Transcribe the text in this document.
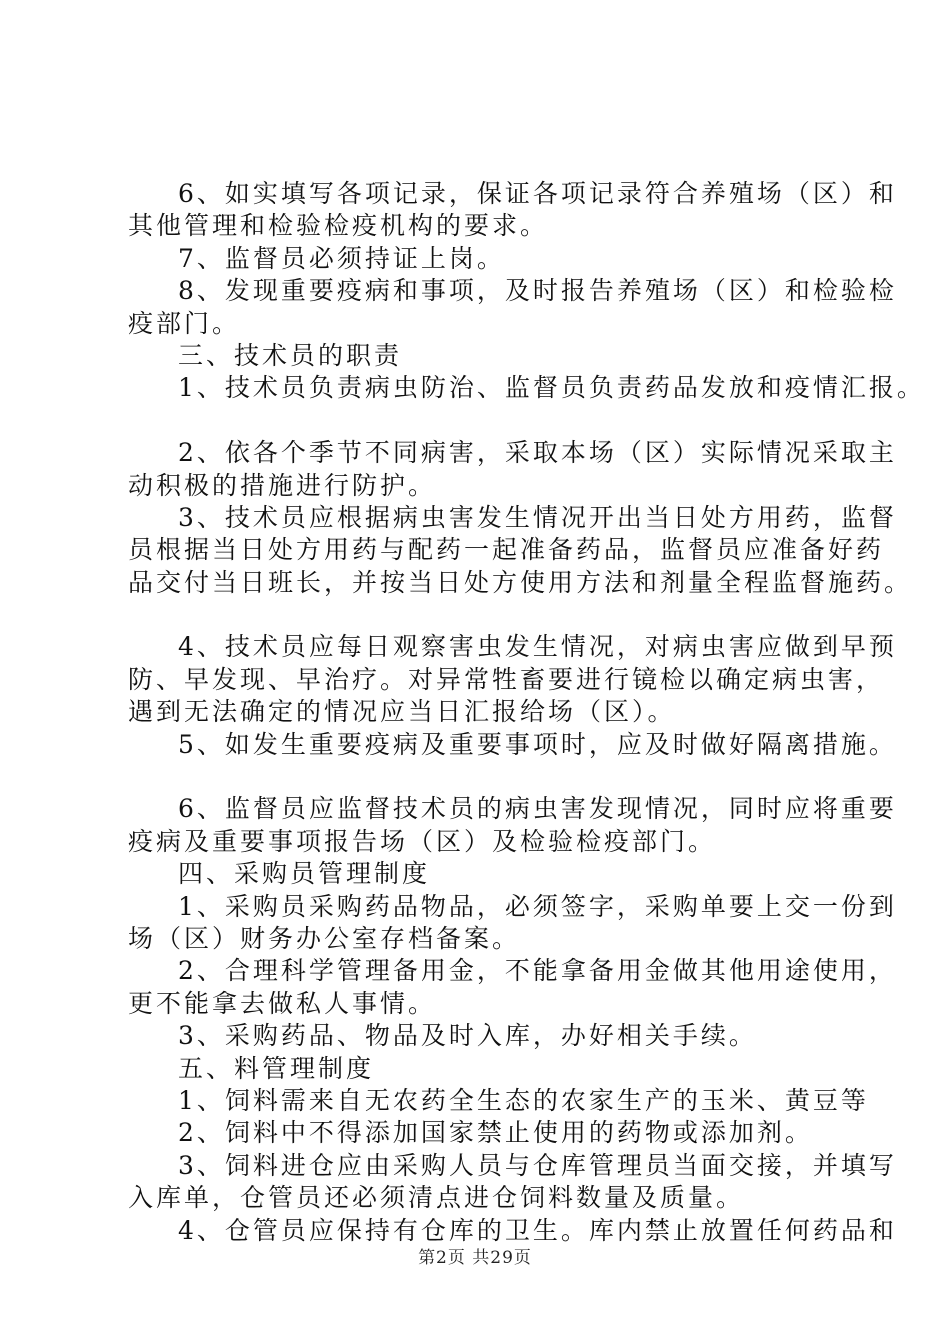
6、如实填写各项记录，保证各项记录符合养殖场（区）和
其他管理和检验检疫机构的要求。
7、监督员必须持证上岗。
8、发现重要疫病和事项，及时报告养殖场（区）和检验检
疫部门。
三、技术员的职责
1、技术员负责病虫防治、监督员负责药品发放和疫情汇报。
2、依各个季节不同病害，采取本场（区）实际情况采取主
动积极的措施进行防护。
3、技术员应根据病虫害发生情况开出当日处方用药，监督
员根据当日处方用药与配药一起准备药品，监督员应准备好药
品交付当日班长，并按当日处方使用方法和剂量全程监督施药。
4、技术员应每日观察害虫发生情况，对病虫害应做到早预
防、早发现、早治疗。对异常牲畜要进行镜检以确定病虫害，
遇到无法确定的情况应当日汇报给场（区）。
5、如发生重要疫病及重要事项时，应及时做好隔离措施。
6、监督员应监督技术员的病虫害发现情况，同时应将重要
疫病及重要事项报告场（区）及检验检疫部门。
四、采购员管理制度
1、采购员采购药品物品，必须签字，采购单要上交一份到
场（区）财务办公室存档备案。
2、合理科学管理备用金，不能拿备用金做其他用途使用，
更不能拿去做私人事情。
3、采购药品、物品及时入库，办好相关手续。
五、料管理制度
1、饲料需来自无农药全生态的农家生产的玉米、黄豆等
2、饲料中不得添加国家禁止使用的药物或添加剂。
3、饲料进仓应由采购人员与仓库管理员当面交接，并填写
入库单，仓管员还必须清点进仓饲料数量及质量。
4、仓管员应保持有仓库的卫生。库内禁止放置任何药品和
第2页 共29页
